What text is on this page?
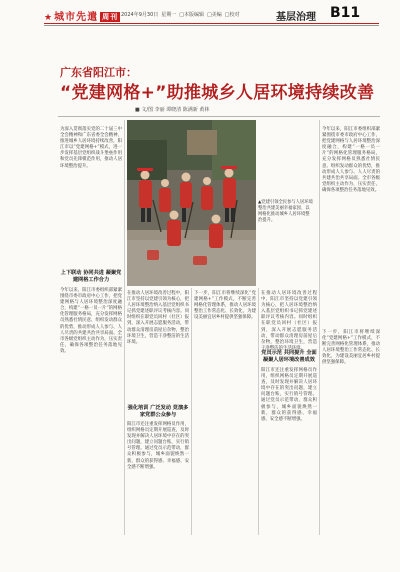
★城市先遣 周刊 2024年9月30日 星期一 □本版编辑 □美编 □校对	基层治理 B11
广东省阳江市：
“党建网格+”助推城乡人居环境持续改善
■ 文/图 李丽 谭晓清 陈满新 黄林
▲党建引领全民参与人居环境整治共建美丽幸福家园、以网格化推动城乡人居环境整治提升。
为深入贯彻落实党的二十届三中全会精神和广东省委全会精神，推进城乡人居环境持续改善，阳江市以“党建网格+”模式，进一步发挥基层党组织战斗堡垒作用和党员先锋模范作用，推动人居环境整治提升。
上下联动 协同共进 凝聚党建网格工作合力
今年以来，阳江市委组织部紧紧围绕市委市政府中心工作，把党建网格与人居环境整治深度融合，构建“一格一员一片”的网格化管理服务格局，充分发挥网格员熟悉社情民意、组织发动群众的优势，推动形成人人参与、人人尽责的共建共治共享局面。全市各级党组织主动作为，压实责任，确保各项整治任务落地见效。
在推动人居环境改善过程中，阳江市坚持以党建引领为核心，把人居环境整治纳入基层党组织书记抓党建述职评议考核内容。同时组织在职党员回村（社区）报到，深入开展志愿服务活动，带动群众清理房前屋后杂物，整治环境卫生，营造干净整洁的生活环境。
强化培训 广泛发动 竞演多家党群公众参与
阳江市还注重发挥网格员作用，组织网格员定期开展巡查，及时发现并解决人居环境中存在的突出问题，建立问题台账，实行销号管理。通过党员示范带动，群众积极参与，城乡面貌焕然一新，群众的获得感、幸福感、安全感不断增强。
下一步，阳江市将继续深化“党建网格+”工作模式，不断完善网格化管理体系，推动人居环境整治工作常态化、长效化，为建设美丽宜居乡村提供坚强保障。
在推动人居环境改善过程中，阳江市坚持以党建引领为核心，把人居环境整治纳入基层党组织书记抓党建述职评议考核内容。同时组织在职党员回村（社区）报到，深入开展志愿服务活动，带动群众清理房前屋后杂物，整治环境卫生，营造干净整洁的生活环境。
党员示范 共同提升 全面凝聚人居环境改善成效
阳江市还注重发挥网格员作用，组织网格员定期开展巡查，及时发现并解决人居环境中存在的突出问题，建立问题台账，实行销号管理。通过党员示范带动，群众积极参与，城乡面貌焕然一新，群众的获得感、幸福感、安全感不断增强。
今年以来，阳江市委组织部紧紧围绕市委市政府中心工作，把党建网格与人居环境整治深度融合，构建“一格一员一片”的网格化管理服务格局，充分发挥网格员熟悉社情民意、组织发动群众的优势，推动形成人人参与、人人尽责的共建共治共享局面。全市各级党组织主动作为，压实责任，确保各项整治任务落地见效。
下一步，阳江市将继续深化“党建网格+”工作模式，不断完善网格化管理体系，推动人居环境整治工作常态化、长效化，为建设美丽宜居乡村提供坚强保障。
